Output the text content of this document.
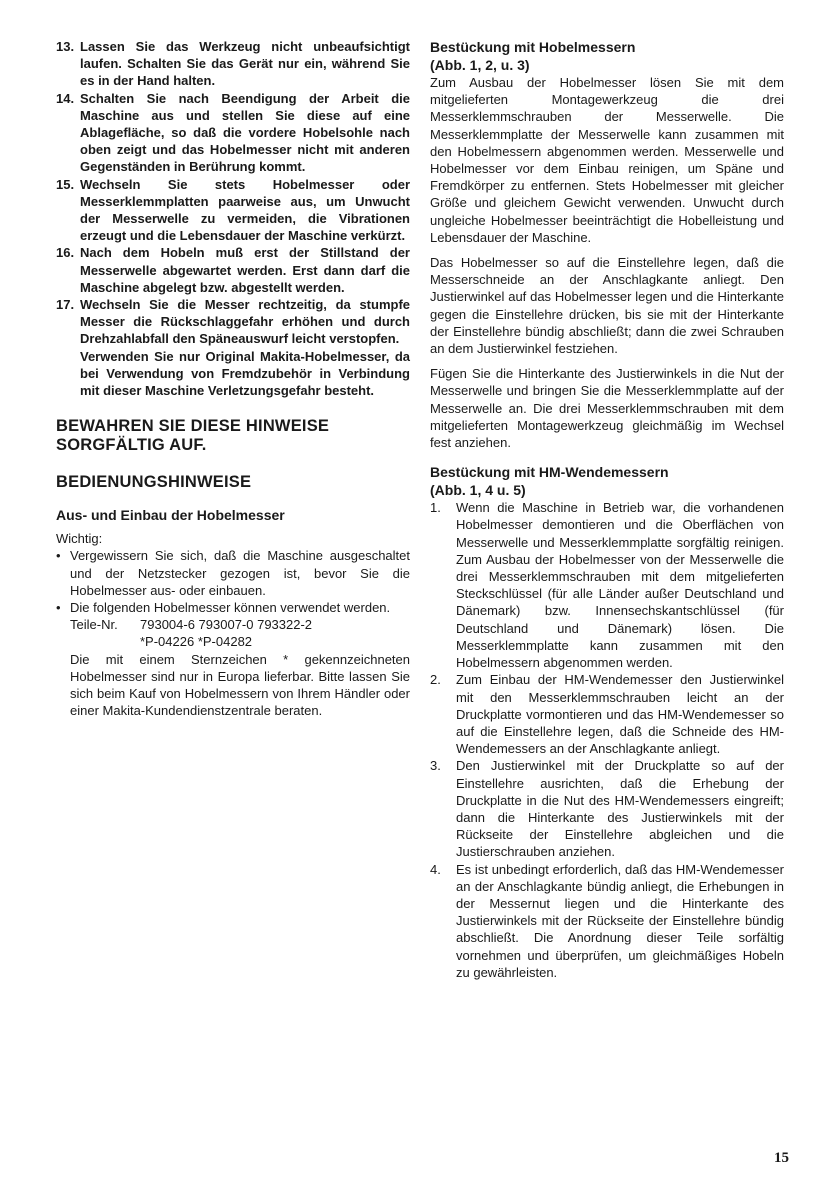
13. Lassen Sie das Werkzeug nicht unbeaufsichtigt laufen. Schalten Sie das Gerät nur ein, während Sie es in der Hand halten.
14. Schalten Sie nach Beendigung der Arbeit die Maschine aus und stellen Sie diese auf eine Ablagefläche, so daß die vordere Hobelsohle nach oben zeigt und das Hobelmesser nicht mit anderen Gegenständen in Berührung kommt.
15. Wechseln Sie stets Hobelmesser oder Messerklemmplatten paarweise aus, um Unwucht der Messerwelle zu vermeiden, die Vibrationen erzeugt und die Lebensdauer der Maschine verkürzt.
16. Nach dem Hobeln muß erst der Stillstand der Messerwelle abgewartet werden. Erst dann darf die Maschine abgelegt bzw. abgestellt werden.
17. Wechseln Sie die Messer rechtzeitig, da stumpfe Messer die Rückschlaggefahr erhöhen und durch Drehzahlabfall den Späneauswurf leicht verstopfen.
Verwenden Sie nur Original Makita-Hobelmesser, da bei Verwendung von Fremdzubehör in Verbindung mit dieser Maschine Verletzungsgefahr besteht.

BEWAHREN SIE DIESE HINWEISE
SORGFÄLTIG AUF.

BEDIENUNGSHINWEISE

Aus- und Einbau der Hobelmesser

Wichtig:

• Vergewissern Sie sich, daß die Maschine ausgeschaltet und der Netzstecker gezogen ist, bevor Sie die Hobelmesser aus- oder einbauen.
• Die folgenden Hobelmesser können verwendet werden.
Teile-Nr.	793004-6 793007-0 793322-2
*P-04226 *P-04282
Die mit einem Sternzeichen * gekennzeichneten Hobelmesser sind nur in Europa lieferbar. Bitte lassen Sie sich beim Kauf von Hobelmessern von Ihrem Händler oder einer Makita-Kundendienstzentrale beraten.

Bestückung mit Hobelmessern
(Abb. 1, 2, u. 3)

Zum Ausbau der Hobelmesser lösen Sie mit dem mitgelieferten Montagewerkzeug die drei Messerklemmschrauben der Messerwelle. Die Messerklemmplatte der Messerwelle kann zusammen mit den Hobelmessern abgenommen werden. Messerwelle und Hobelmesser vor dem Einbau reinigen, um Späne und Fremdkörper zu entfernen. Stets Hobelmesser mit gleicher Größe und gleichem Gewicht verwenden. Unwucht durch ungleiche Hobelmesser beeinträchtigt die Hobelleistung und Lebensdauer der Maschine.

Das Hobelmesser so auf die Einstellehre legen, daß die Messerschneide an der Anschlagkante anliegt. Den Justierwinkel auf das Hobelmesser legen und die Hinterkante gegen die Einstellehre drücken, bis sie mit der Hinterkante der Einstellehre bündig abschließt; dann die zwei Schrauben an dem Justierwinkel festziehen.

Fügen Sie die Hinterkante des Justierwinkels in die Nut der Messerwelle und bringen Sie die Messerklemmplatte auf der Messerwelle an. Die drei Messerklemmschrauben mit dem mitgelieferten Montagewerkzeug gleichmäßig im Wechsel fest anziehen.

Bestückung mit HM-Wendemessern
(Abb. 1, 4 u. 5)

1.	Wenn die Maschine in Betrieb war, die vorhandenen Hobelmesser demontieren und die Oberflächen von Messerwelle und Messerklemmplatte sorgfältig reinigen. Zum Ausbau der Hobelmesser von der Messerwelle die drei Messerklemmschrauben mit dem mitgelieferten Steckschlüssel (für alle Länder außer Deutschland und Dänemark) bzw. Innensechskantschlüssel (für Deutschland und Dänemark) lösen. Die Messerklemmplatte kann zusammen mit den Hobelmessern abgenommen werden.
2.	Zum Einbau der HM-Wendemesser den Justierwinkel mit den Messerklemmschrauben leicht an der Druckplatte vormontieren und das HM-Wendemesser so auf die Einstellehre legen, daß die Schneide des HM-Wendemessers an der Anschlagkante anliegt.
3.	Den Justierwinkel mit der Druckplatte so auf der Einstellehre ausrichten, daß die Erhebung der Druckplatte in die Nut des HM-Wendemessers eingreift; dann die Hinterkante des Justierwinkels mit der Rückseite der Einstellehre abgleichen und die Justierschrauben anziehen.
4.	Es ist unbedingt erforderlich, daß das HM-Wendemesser an der Anschlagkante bündig anliegt, die Erhebungen in der Messernut liegen und die Hinterkante des Justierwinkels mit der Rückseite der Einstellehre bündig abschließt. Die Anordnung dieser Teile sorfältig vornehmen und überprüfen, um gleichmäßiges Hobeln zu gewährleisten.
15
